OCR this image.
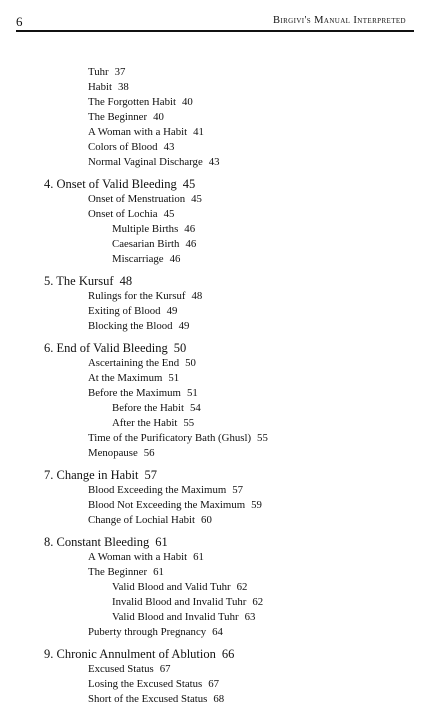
6	Birgivi's Manual Interpreted
Tuhr 37
Habit 38
The Forgotten Habit 40
The Beginner 40
A Woman with a Habit 41
Colors of Blood 43
Normal Vaginal Discharge 43
4. Onset of Valid Bleeding 45
Onset of Menstruation 45
Onset of Lochia 45
Multiple Births 46
Caesarian Birth 46
Miscarriage 46
5. The Kursuf 48
Rulings for the Kursuf 48
Exiting of Blood 49
Blocking the Blood 49
6. End of Valid Bleeding 50
Ascertaining the End 50
At the Maximum 51
Before the Maximum 51
Before the Habit 54
After the Habit 55
Time of the Purificatory Bath (Ghusl) 55
Menopause 56
7. Change in Habit 57
Blood Exceeding the Maximum 57
Blood Not Exceeding the Maximum 59
Change of Lochial Habit 60
8. Constant Bleeding 61
A Woman with a Habit 61
The Beginner 61
Valid Blood and Valid Tuhr 62
Invalid Blood and Invalid Tuhr 62
Valid Blood and Invalid Tuhr 63
Puberty through Pregnancy 64
9. Chronic Annulment of Ablution 66
Excused Status 67
Losing the Excused Status 67
Short of the Excused Status 68
